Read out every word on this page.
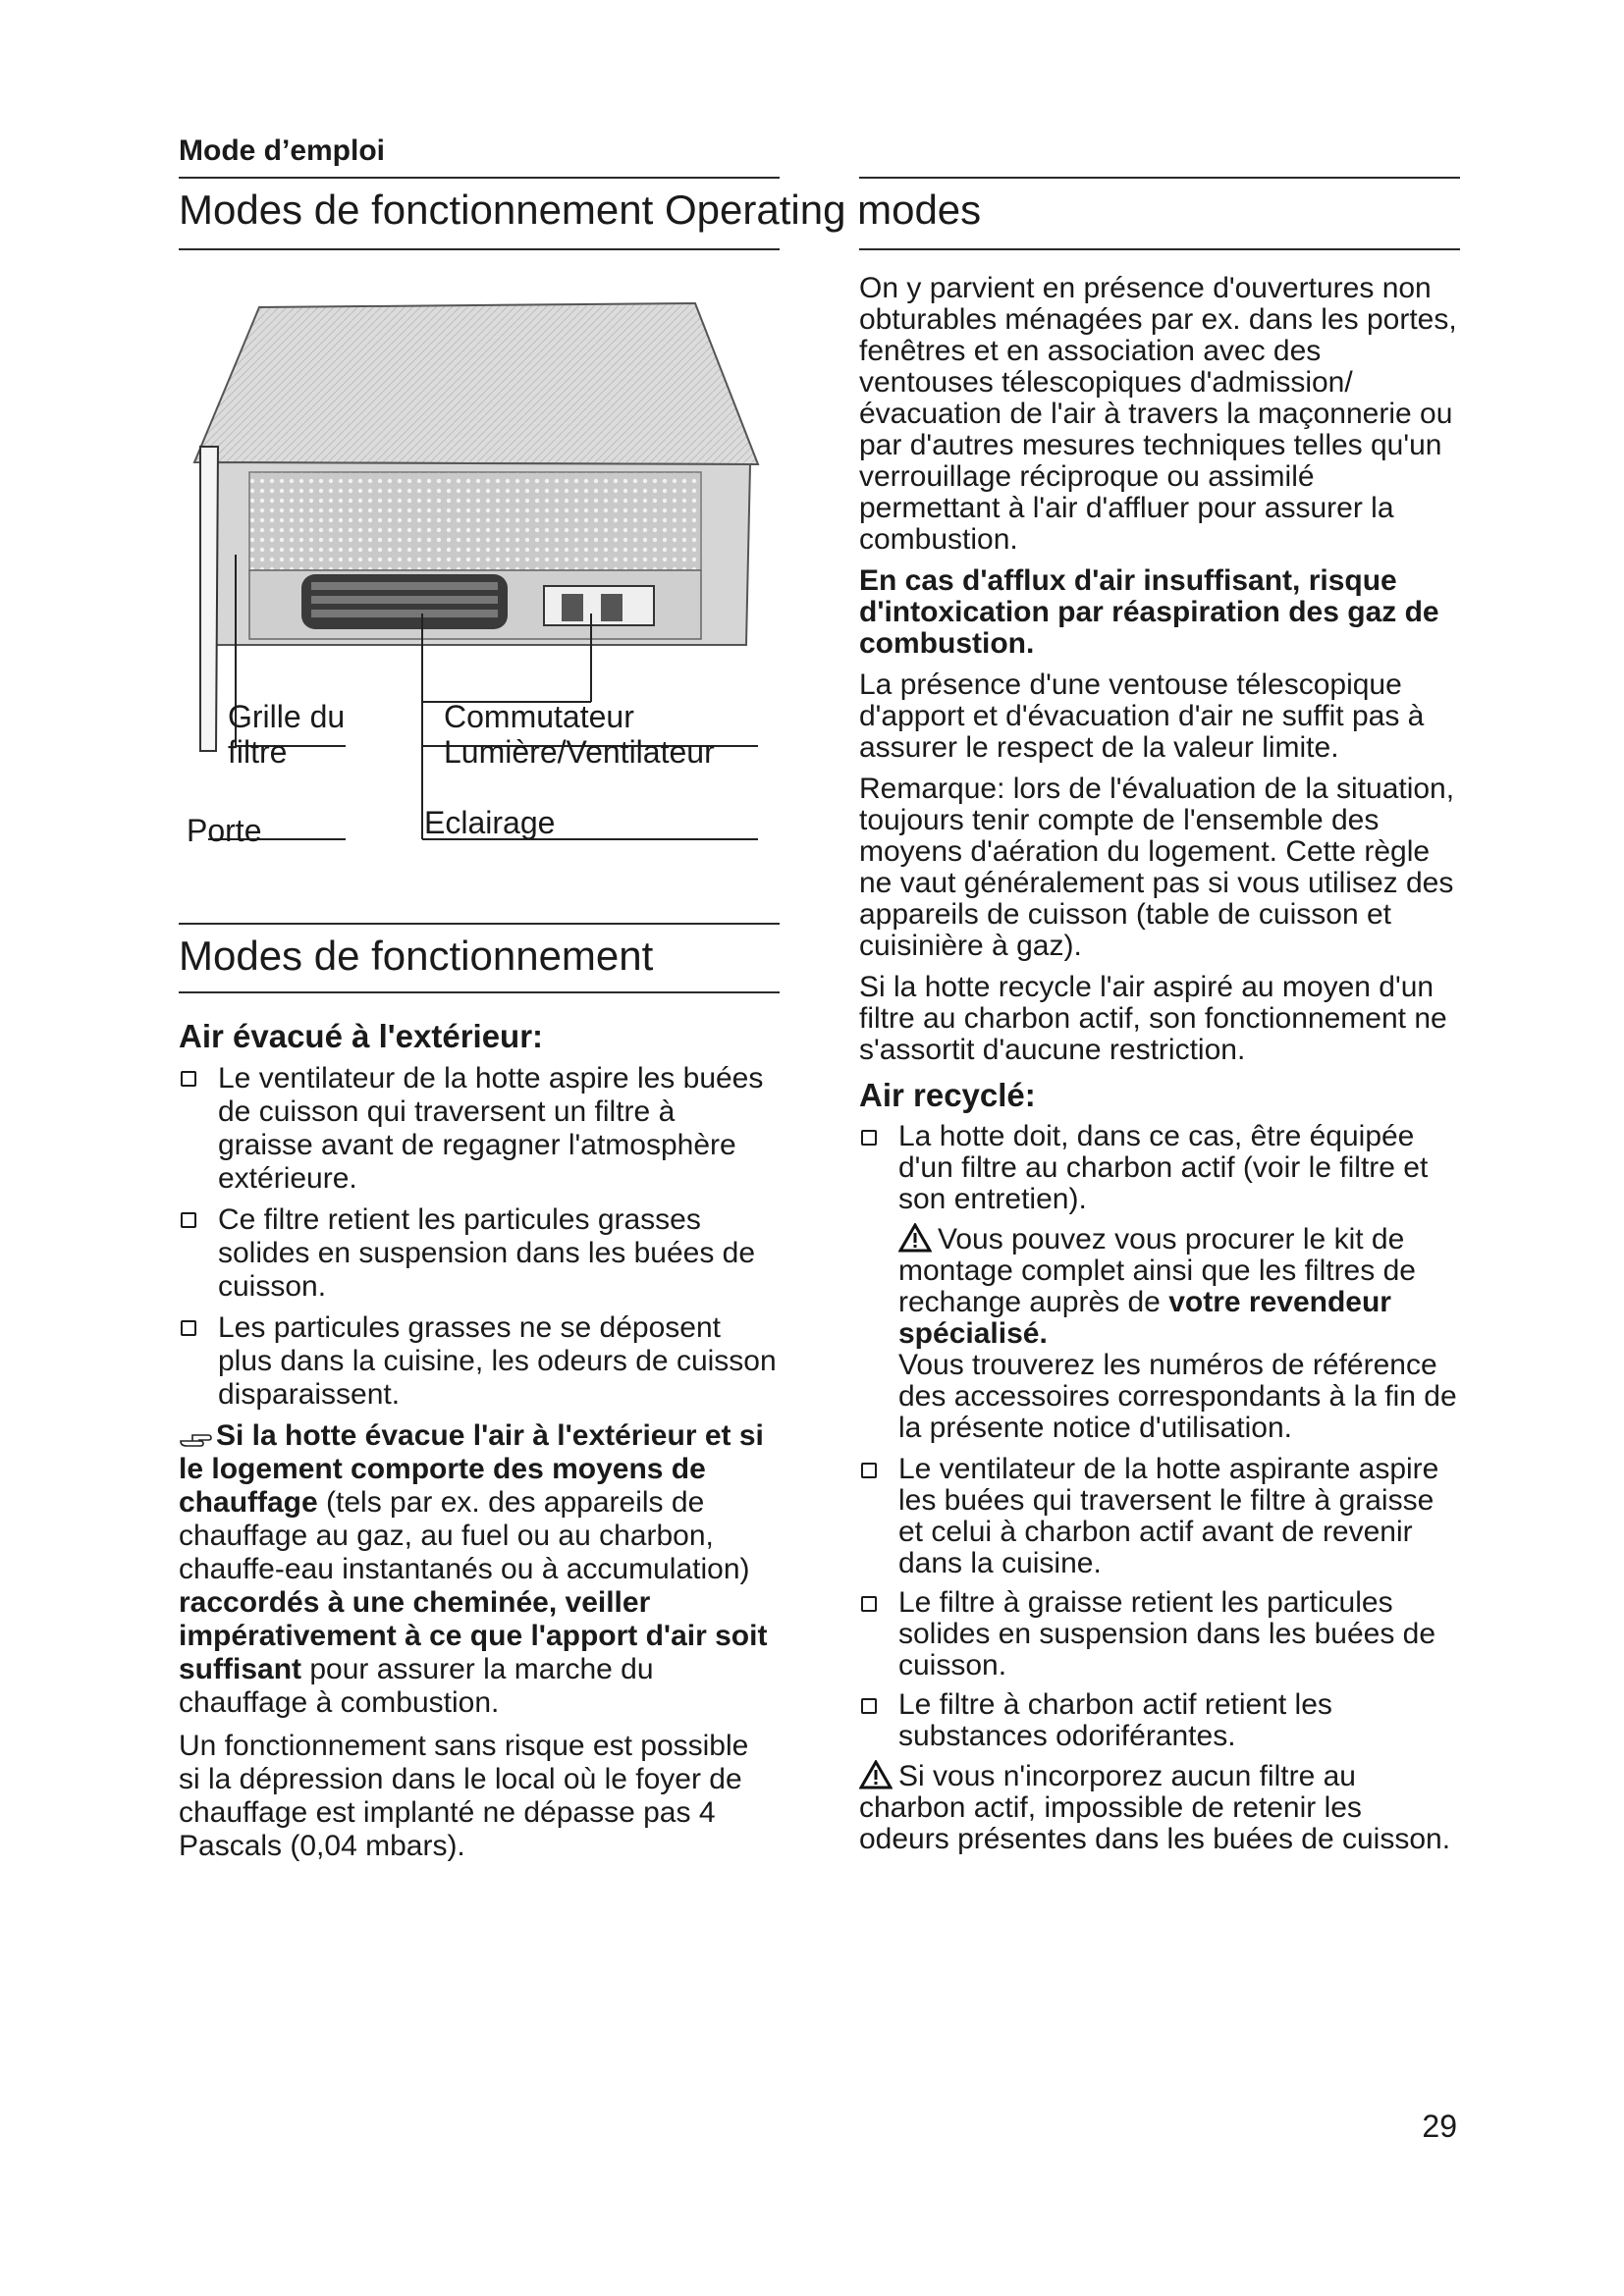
Mode d’emploi
Modes de fonctionnement Operating modes
Grille du
filtre
Commutateur
Lumière/Ventilateur
Porte	Eclairage
Modes de fonctionnement
Air évacué à l'extérieur:
Le ventilateur de la hotte aspire les buées de cuisson qui traversent un filtre à graisse avant de regagner l'atmosphère extérieure.
Ce filtre retient les particules grasses solides en suspension dans les buées de cuisson.
Les particules grasses ne se déposent plus dans la cuisine, les odeurs de cuisson disparaissent.

Si la hotte évacue l'air à l'extérieur et si le logement comporte des moyens de chauffage (tels par ex. des appareils de chauffage au gaz, au fuel ou au charbon, chauffe-eau instantanés ou à accumulation) raccordés à une cheminée, veiller impérativement à ce que l'apport d'air soit suffisant pour assurer la marche du chauffage à combustion.

Un fonctionnement sans risque est possible si la dépression dans le local où le foyer de chauffage est implanté ne dépasse pas 4 Pascals (0,04 mbars).

On y parvient en présence d'ouvertures non obturables ménagées par ex. dans les portes, fenêtres et en association avec des ventouses télescopiques d'admission/ évacuation de l'air à travers la maçonnerie ou par d'autres mesures techniques telles qu'un verrouillage réciproque ou assimilé permettant à l'air d'affluer pour assurer la combustion.

En cas d'afflux d'air insuffisant, risque d'intoxication par réaspiration des gaz de combustion.

La présence d'une ventouse télescopique d'apport et d'évacuation d'air ne suffit pas à assurer le respect de la valeur limite.

Remarque: lors de l'évaluation de la situation, toujours tenir compte de l'ensemble des moyens d'aération du logement. Cette règle ne vaut généralement pas si vous utilisez des appareils de cuisson (table de cuisson et cuisinière à gaz).

Si la hotte recycle l'air aspiré au moyen d'un filtre au charbon actif, son fonctionnement ne s'assortit d'aucune restriction.

Air recyclé:
La hotte doit, dans ce cas, être équipée d'un filtre au charbon actif (voir le filtre et son entretien).
Vous pouvez vous procurer le kit de montage complet ainsi que les filtres de rechange auprès de votre revendeur spécialisé.
Vous trouverez les numéros de référence des accessoires correspondants à la fin de la présente notice d'utilisation.
Le ventilateur de la hotte aspirante aspire les buées qui traversent le filtre à graisse et celui à charbon actif avant de revenir dans la cuisine.
Le filtre à graisse retient les particules solides en suspension dans les buées de cuisson.
Le filtre à charbon actif retient les substances odoriférantes.

Si vous n'incorporez aucun filtre au charbon actif, impossible de retenir les odeurs présentes dans les buées de cuisson.

29
